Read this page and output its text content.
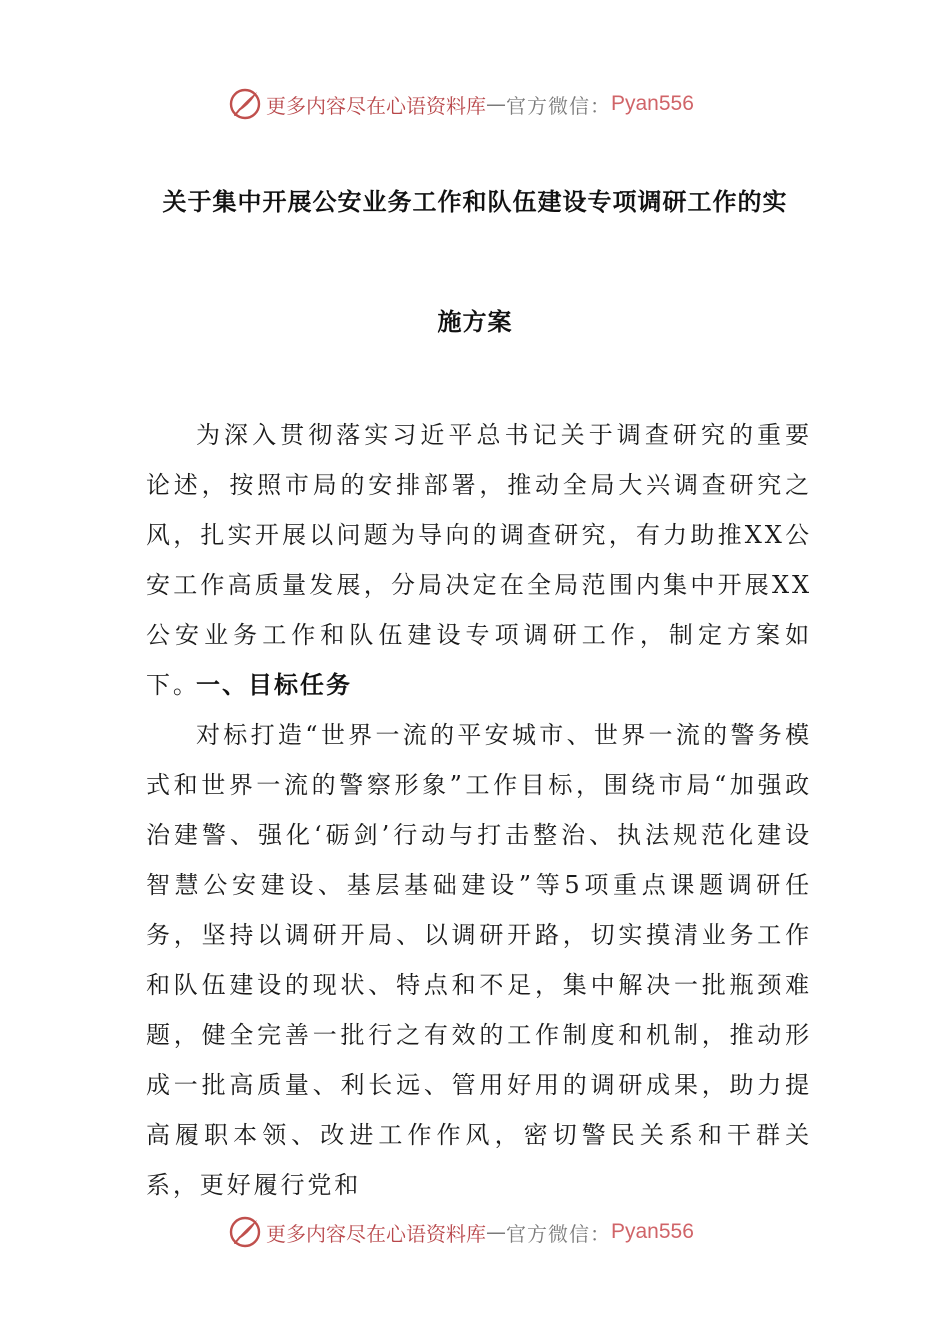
更多内容尽在心语资料库 — 官方微信： Pyan556
关于集中开展公安业务工作和队伍建设专项调研工作的实
施方案

为深入贯彻落实习近平总书记关于调查研究的重要论述，按照市局的安排部署，推动全局大兴调查研究之风，扎实开展以问题为导向的调查研究，有力助推XX公安工作高质量发展，分局决定在全局范围内集中开展XX公安业务工作和队伍建设专项调研工作，制定方案如下。

一、目标任务

对标打造“世界一流的平安城市、世界一流的警务模式和世界一流的警察形象”工作目标，围绕市局“加强政治建警、强化‘砺剑’行动与打击整治、执法规范化建设智慧公安建设、基层基础建设”等5项重点课题调研任务，坚持以调研开局、以调研开路，切实摸清业务工作和队伍建设的现状、特点和不足，集中解决一批瓶颈难题，健全完善一批行之有效的工作制度和机制，推动形成一批高质量、利长远、管用好用的调研成果，助力提高履职本领、改进工作作风，密切警民关系和干群关系，更好履行党和

更多内容尽在心语资料库 — 官方微信： Pyan556
